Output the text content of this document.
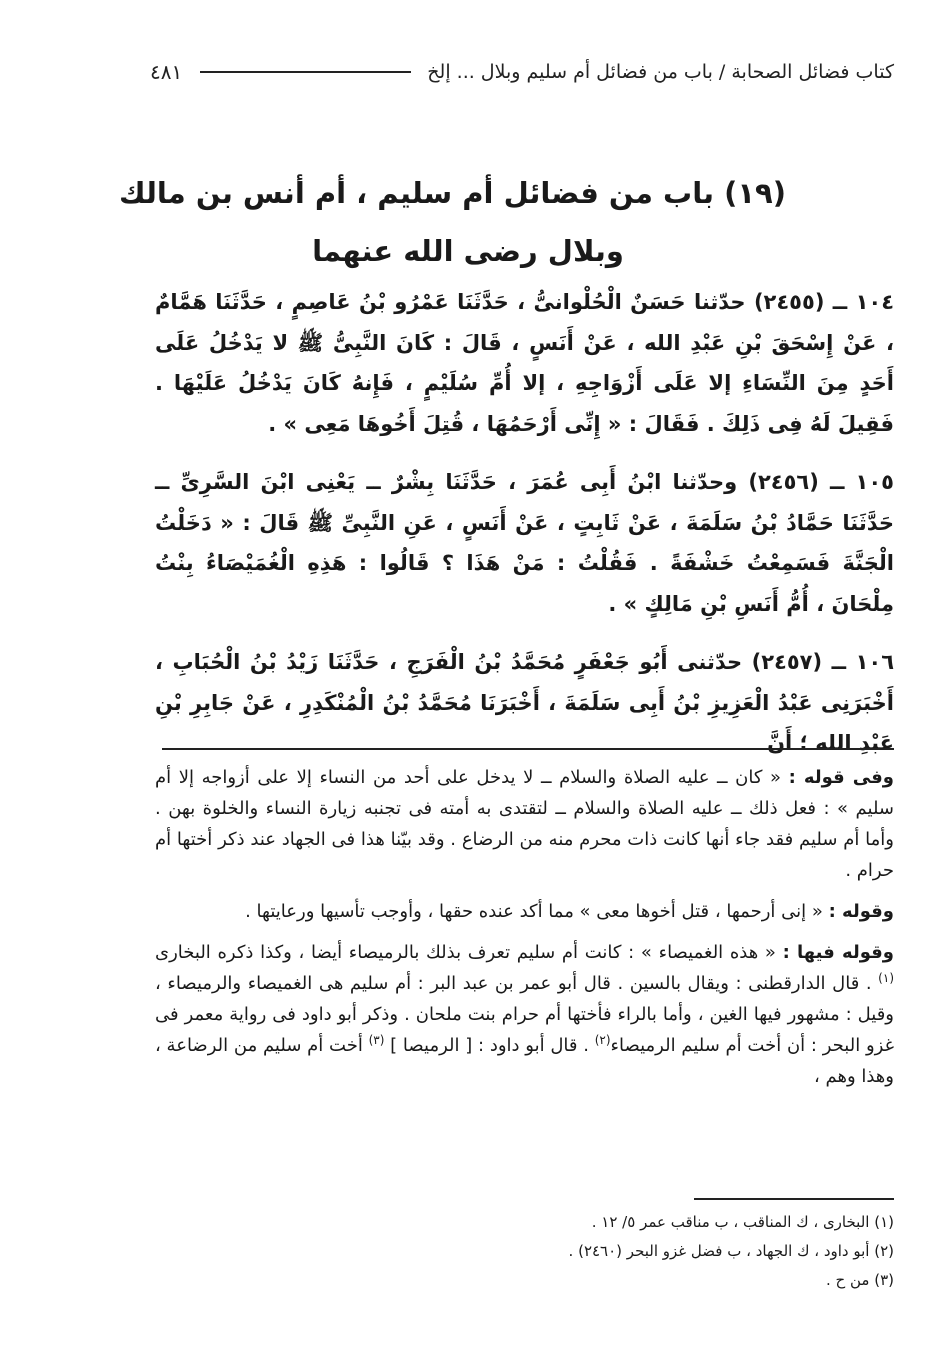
كتاب فضائل الصحابة / باب من فضائل أم سليم وبلال ... إلخ
٤٨١
(١٩) باب من فضائل أم سليم ، أم أنس بن مالك
وبلال رضى الله عنهما

١٠٤ ــ (٢٤٥٥) حدّثنا حَسَنٌ الْحُلْوانىُّ ، حَدَّثَنَا عَمْرُو بْنُ عَاصِمٍ ، حَدَّثَنَا هَمَّامٌ ، عَنْ إِسْحَقَ بْنِ عَبْدِ الله ، عَنْ أَنَسٍ ، قَالَ : كَانَ النَّبِىُّ ﷺ لا يَدْخُلُ عَلَى أَحَدٍ مِنَ النِّسَاءِ إلا عَلَى أَزْوَاجِهِ ، إلا أُمِّ سُلَيْمٍ ، فَإِنهُ كَانَ يَدْخُلُ عَلَيْهَا . فَقِيلَ لَهُ فِى ذَلِكَ . فَقَالَ : « إِنِّى أَرْحَمُهَا ، قُتِلَ أَخُوهَا مَعِى » .

١٠٥ ــ (٢٤٥٦) وحدّثنا ابْنُ أَبِى عُمَرَ ، حَدَّثَنَا بِشْرٌ ــ يَعْنِى ابْنَ السَّرِىِّ ــ حَدَّثَنَا حَمَّادُ بْنُ سَلَمَةَ ، عَنْ ثَابِتٍ ، عَنْ أَنَسٍ ، عَنِ النَّبِىِّ ﷺ قَالَ : « دَخَلْتُ الْجَنَّةَ فَسَمِعْتُ خَشْفَةً . فَقُلْتُ : مَنْ هَذَا ؟ قَالُوا : هَذِهِ الْغُمَيْصَاءُ بِنْتُ مِلْحَانَ ، أُمُّ أَنَسِ بْنِ مَالِكٍ » .

١٠٦ ــ (٢٤٥٧) حدّثنى أَبُو جَعْفَرٍ مُحَمَّدُ بْنُ الْفَرَجِ ، حَدَّثَنَا زَيْدُ بْنُ الْحُبَابِ ، أَخْبَرَنِى عَبْدُ الْعَزِيزِ بْنُ أَبِى سَلَمَةَ ، أَخْبَرَنَا مُحَمَّدُ بْنُ الْمُنْكَدِرِ ، عَنْ جَابِرِ بْنِ عَبْدِ الله ؛ أَنَّ

وفى قوله : « كان ــ عليه الصلاة والسلام ــ لا يدخل على أحد من النساء إلا على أزواجه إلا أم سليم » : فعل ذلك ــ عليه الصلاة والسلام ــ لتقتدى به أمته فى تجنبه زيارة النساء والخلوة بهن . وأما أم سليم فقد جاء أنها كانت ذات محرم منه من الرضاع . وقد بيّنا هذا فى الجهاد عند ذكر أختها أم حرام .

وقوله : « إنى أرحمها ، قتل أخوها معى » مما أكد عنده حقها ، وأوجب تأسيها ورعايتها .

وقوله فيها : « هذه الغميصاء » : كانت أم سليم تعرف بذلك بالرميصاء أيضا ، وكذا ذكره البخارى $^{(١)}$ . قال الدارقطنى : ويقال بالسين . قال أبو عمر بن عبد البر : أم سليم هى الغميصاء والرميصاء ، وقيل : مشهور فيها الغين ، وأما بالراء فأختها أم حرام بنت ملحان . وذكر أبو داود فى رواية معمر فى غزو البحر : أن أخت أم سليم الرميصاء$^{(٢)}$ . قال أبو داود : [ الرميصا ] $^{(٣)}$ أخت أم سليم من الرضاعة ، وهذا وهم ،

(١) البخارى ، ك المناقب ، ب مناقب عمر ٥/ ١٢ .
(٢) أبو داود ، ك الجهاد ، ب فضل غزو البحر (٢٤٦٠) .
(٣) من ح .
